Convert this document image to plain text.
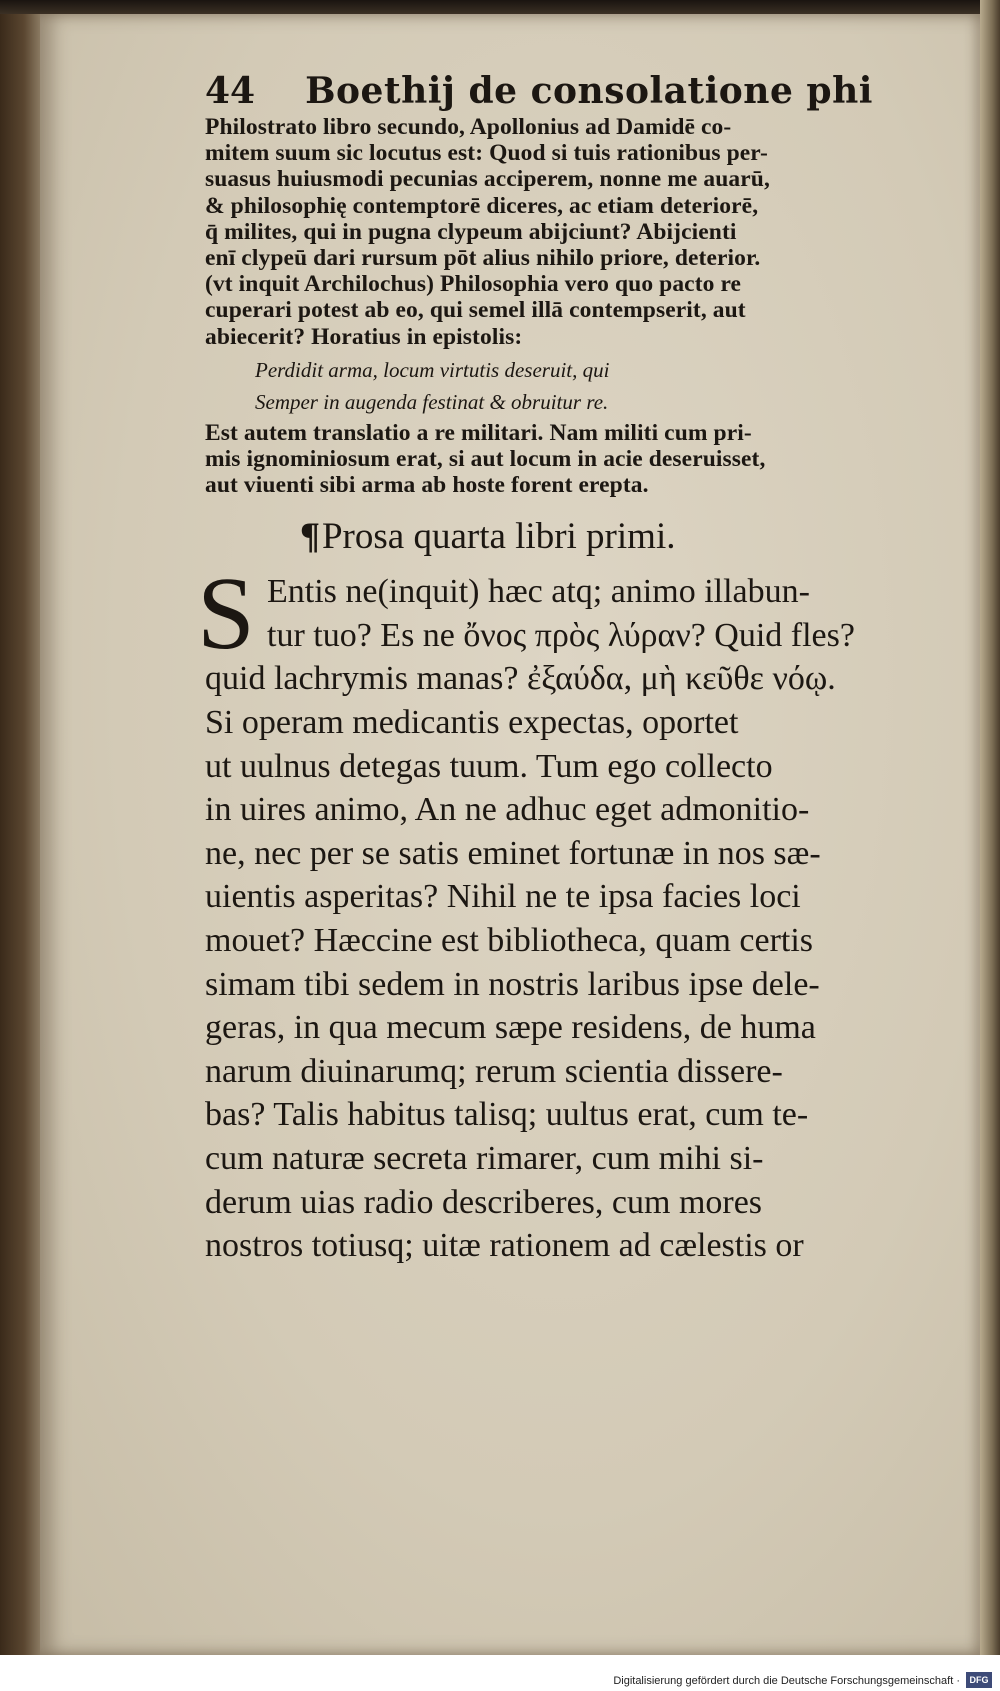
44 Boethij de consolatione phi
Philostrato libro secundo, Apollonius ad Damidē co-
mitem suum sic locutus est: Quod si tuis rationibus per-
suasus huiusmodi pecunias acciperem, nonne me auarū,
& philosophię contemptorē diceres, ac etiam deteriorē,
q̄ milites, qui in pugna clypeum abijciunt? Abijcienti
enī clypeū dari rursum pōt alius nihilo priore, deterior.
(vt inquit Archilochus) Philosophia vero quo pacto re
cuperari potest ab eo, qui semel illā contempserit, aut
abiecerit? Horatius in epistolis:
Perdidit arma, locum virtutis deseruit, qui
Semper in augenda festinat & obruitur re.
Est autem translatio a re militari. Nam militi cum pri-
mis ignominiosum erat, si aut locum in acie deseruisset,
aut viuenti sibi arma ab hoste forent erepta.
¶Prosa quarta libri primi.
S Entis ne(inquit) hæc atq; animo illabun-
tur tuo? Es ne ὄνος πρὸς λύραν? Quid fles?
quid lachrymis manas? ἐξαύδα, μὴ κεῦθε νόῳ.
Si operam medicantis expectas, oportet
ut uulnus detegas tuum. Tum ego collecto
in uires animo, An ne adhuc eget admonitio-
ne, nec per se satis eminet fortunæ in nos sæ-
uientis asperitas? Nihil ne te ipsa facies loci
mouet? Hæccine est bibliotheca, quam certis
simam tibi sedem in nostris laribus ipse dele-
geras, in qua mecum sæpe residens, de huma
narum diuinarumq; rerum scientia dissere-
bas? Talis habitus talisq; uultus erat, cum te-
cum naturæ secreta rimarer, cum mihi si-
derum uias radio describeres, cum mores
nostros totiusq; uitæ rationem ad cælestis or
Digitalisierung gefördert durch die Deutsche Forschungsgemeinschaft ·	DFG
